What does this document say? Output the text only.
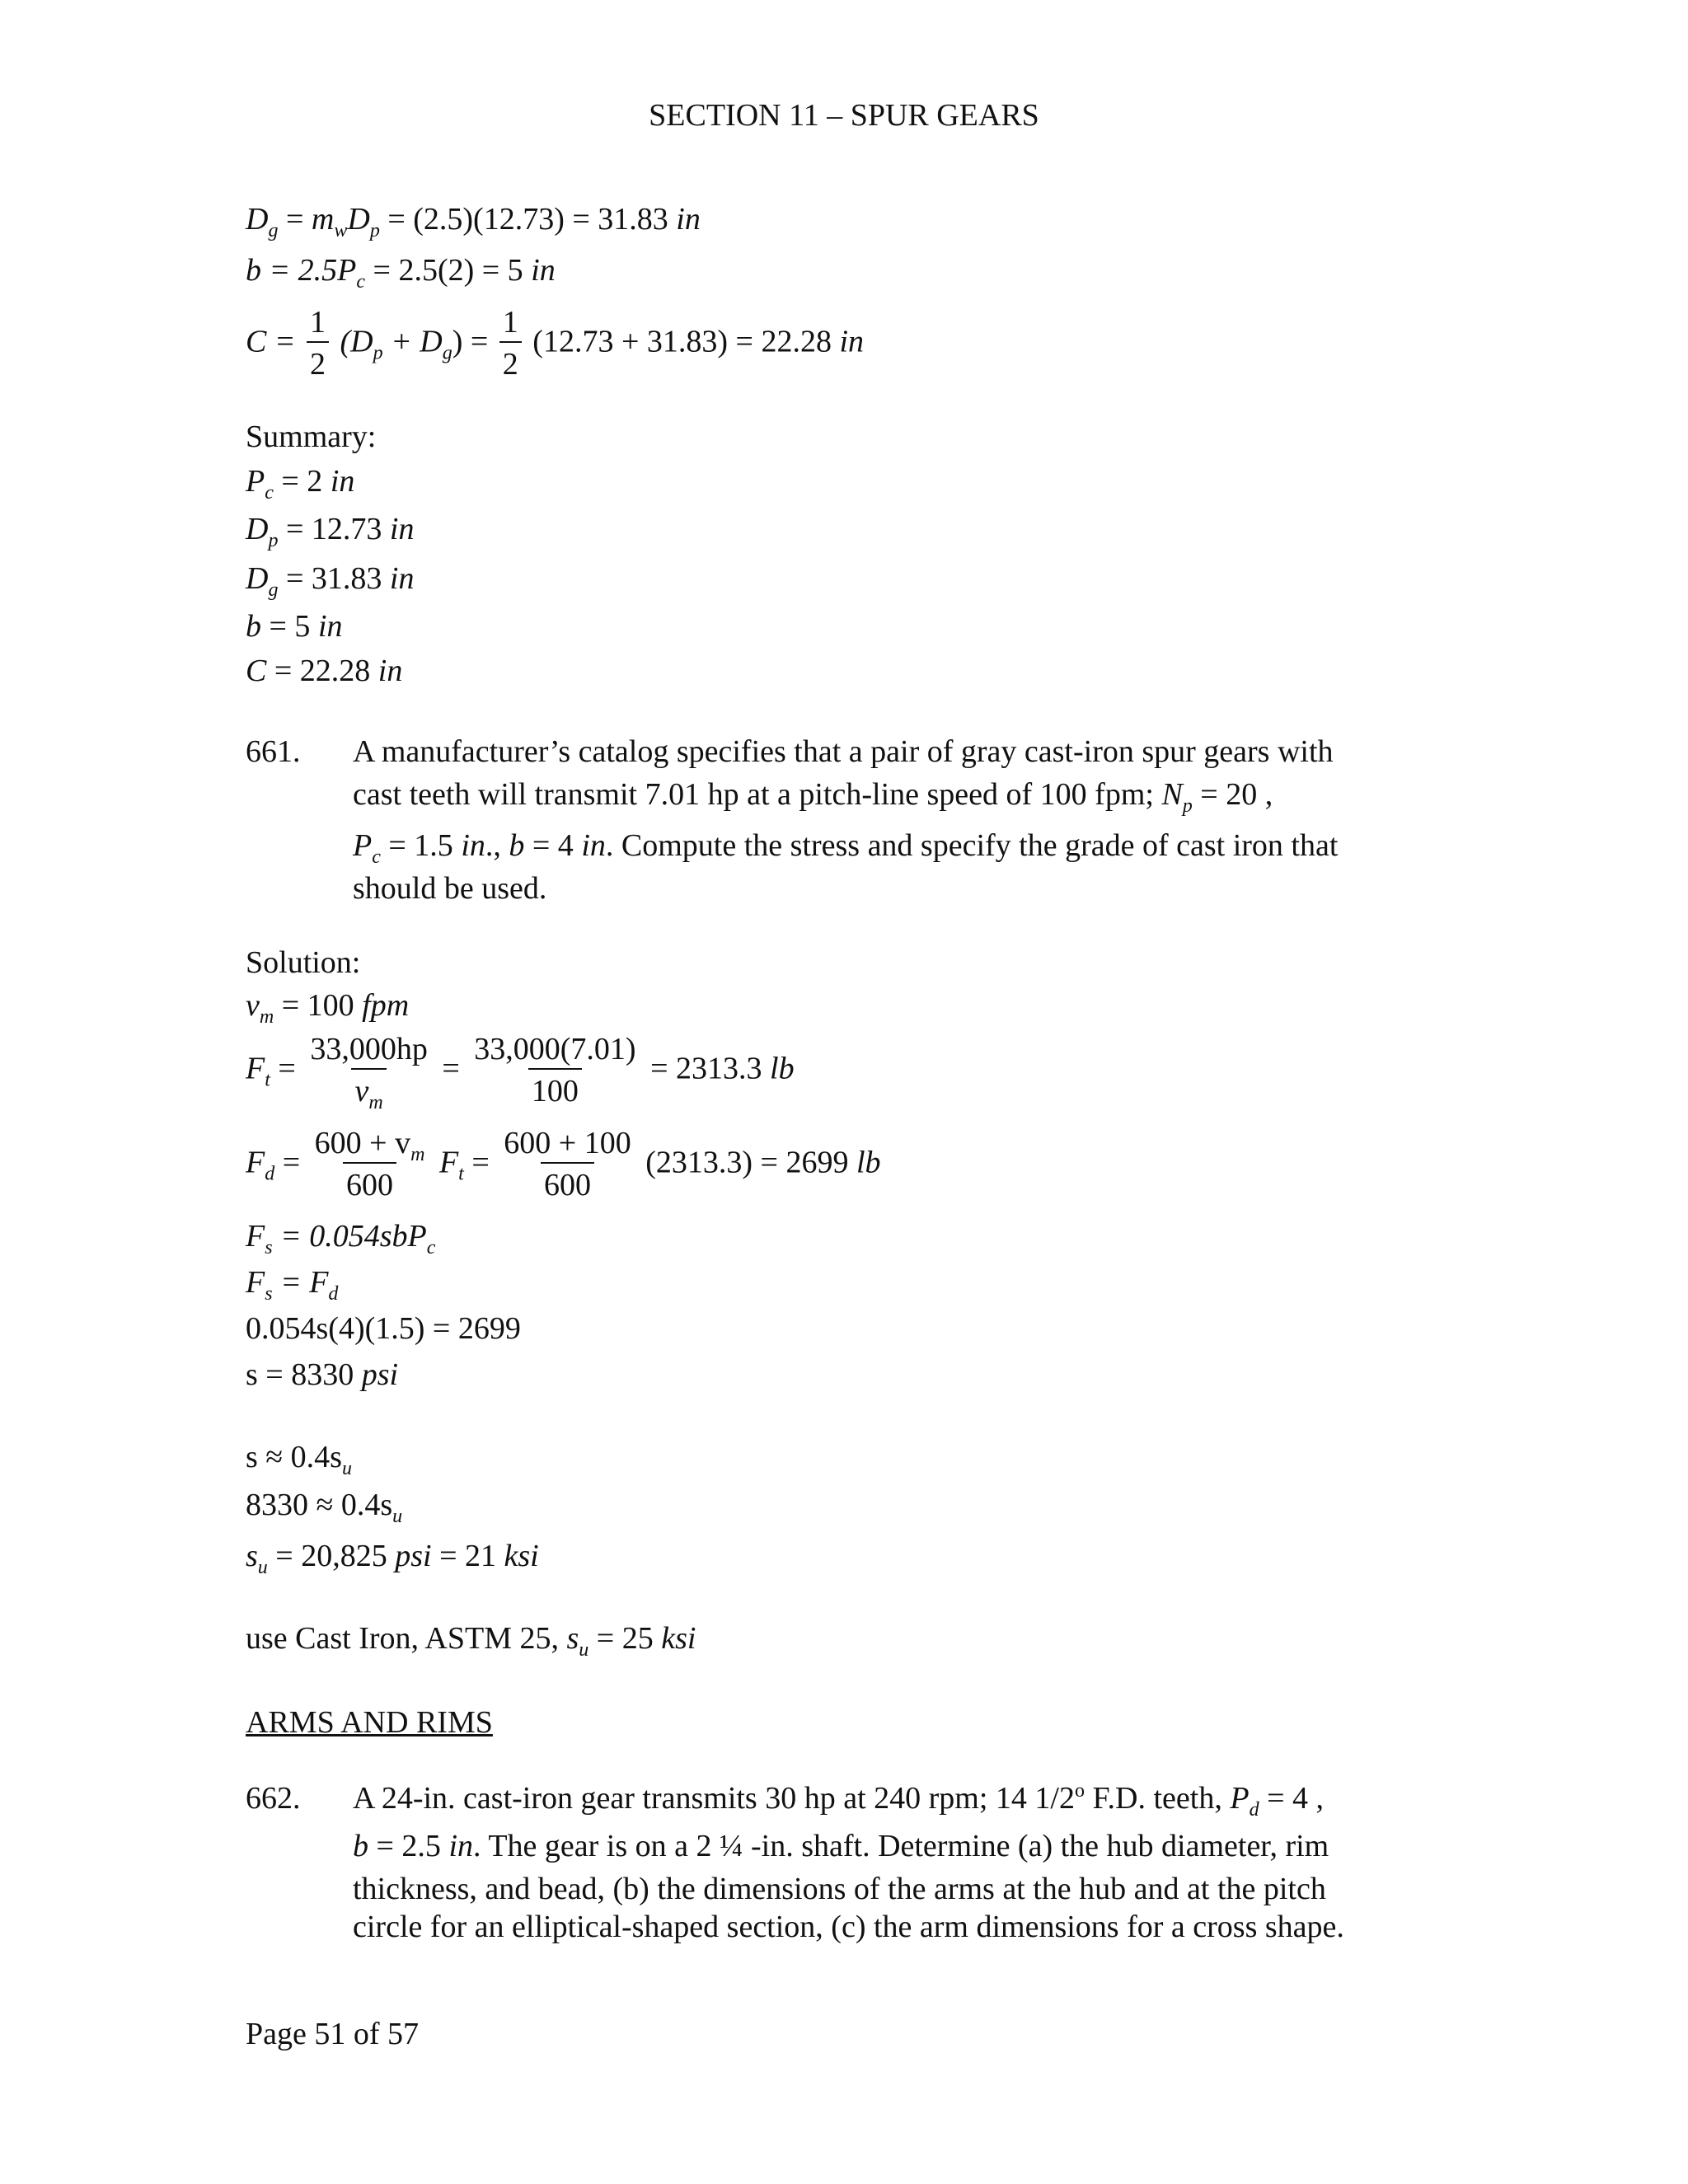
SECTION 11 – SPUR GEARS
$D_g = m_wD_p = (2.5)(12.73) = 31.83$ in
$b = 2.5P_c = 2.5(2) = 5$ in
$C = \frac{1}{2} (D_p + D_g) = \frac{1}{2} (12.73 + 31.83) = 22.28$ in
Summary:
$P_c = 2$ in
$D_p = 12.73$ in
$D_g = 31.83$ in
b = 5 in
C = 22.28 in
661. A manufacturer’s catalog specifies that a pair of gray cast-iron spur gears with
cast teeth will transmit 7.01 hp at a pitch-line speed of 100 fpm; $N_p = 20$ ,
$P_c = 1.5$ in., b = 4 in. Compute the stress and specify the grade of cast iron that
should be used.
Solution:
$v_m = 100$ fpm
$F_t = \frac{33,000hp}{v_m} = \frac{33,000(7.01)}{100} = 2313.3$ lb
$F_d = \frac{600 + v_m}{600} F_t = \frac{600 + 100}{600} (2313.3) = 2699$ lb
$F_s = 0.054sbP_c$
$F_s = F_d$
0.054s(4)(1.5) = 2699
s = 8330 psi
$s \approx 0.4s_u$
$8330 \approx 0.4s_u$
$s_u = 20,825$ psi = 21 ksi
use Cast Iron, ASTM 25, $s_u = 25$ ksi
ARMS AND RIMS
662. A 24-in. cast-iron gear transmits 30 hp at 240 rpm; 14 1/2$^o$ F.D. teeth, $P_d = 4$ ,
b = 2.5 in. The gear is on a 2 ¼ -in. shaft. Determine (a) the hub diameter, rim
thickness, and bead, (b) the dimensions of the arms at the hub and at the pitch
circle for an elliptical-shaped section, (c) the arm dimensions for a cross shape.
Page 51 of 57
